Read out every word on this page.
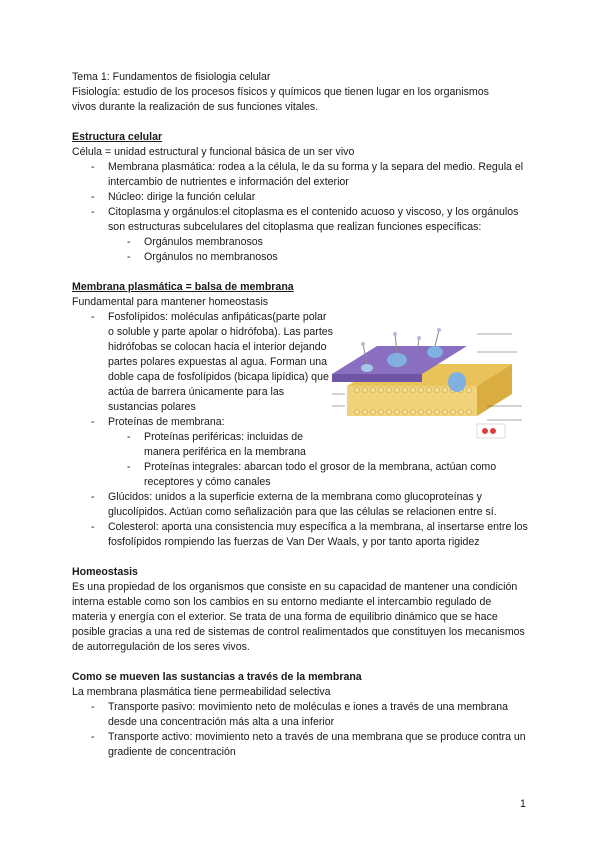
Tema 1: Fundamentos de fisiologia celular

Fisiología: estudio de los procesos físicos y químicos que tienen lugar en los organismos

vivos durante la realización de sus funciones vitales.

Estructura celular

Célula = unidad estructural y funcional básica de un ser vivo

- Membrana plasmática: rodea a la célula, le da su forma y la separa del medio. Regula el intercambio de nutrientes e información del exterior
- Núcleo: dirige la función celular
- Citoplasma y orgánulos:el citoplasma es el contenido acuoso y viscoso, y los orgánulos son estructuras subcelulares del citoplasma que realizan funciones específicas:
- Orgánulos membranosos
- Orgánulos no membranosos

Membrana plasmática = balsa de membrana

Fundamental para mantener homeostasis

- Fosfolípidos: moléculas anfipáticas(parte polar o soluble y parte apolar o hidrófoba). Las partes hidrófobas se colocan hacia el interior dejando partes polares expuestas al agua. Forman una doble capa de fosfolípidos (bicapa lipídica) que actúa de barrera únicamente para las sustancias polares
- Proteínas de membrana:
- Proteínas periféricas: incluidas de manera periférica en la membrana
- Proteínas integrales: abarcan todo el grosor de la membrana, actúan como receptores y cómo canales
- Glúcidos: unidos a la superficie externa de la membrana como glucoproteínas y glucolípidos. Actúan como señalización para que las células se relacionen entre sí.
- Colesterol: aporta una consistencia muy específica a la membrana, al insertarse entre los fosfolípidos rompiendo las fuerzas de Van Der Waals, y por tanto aporta rigidez

Homeostasis

Es una propiedad de los organismos que consiste en su capacidad de mantener una condición interna estable como son los cambios en su entorno mediante el intercambio regulado de materia y energía con el exterior. Se trata de una forma de equilibrio dinámico que se hace posible gracias a una red de sistemas de control realimentados que constituyen los mecanismos de autorregulación de los seres vivos.

Como se mueven las sustancias a través de la membrana

La membrana plasmática tiene permeabilidad selectiva

- Transporte pasivo: movimiento neto de moléculas e iones a través de una membrana desde una concentración más alta a una inferior
- Transporte activo: movimiento neto a través de una membrana que se produce contra un gradiente de concentración
1
